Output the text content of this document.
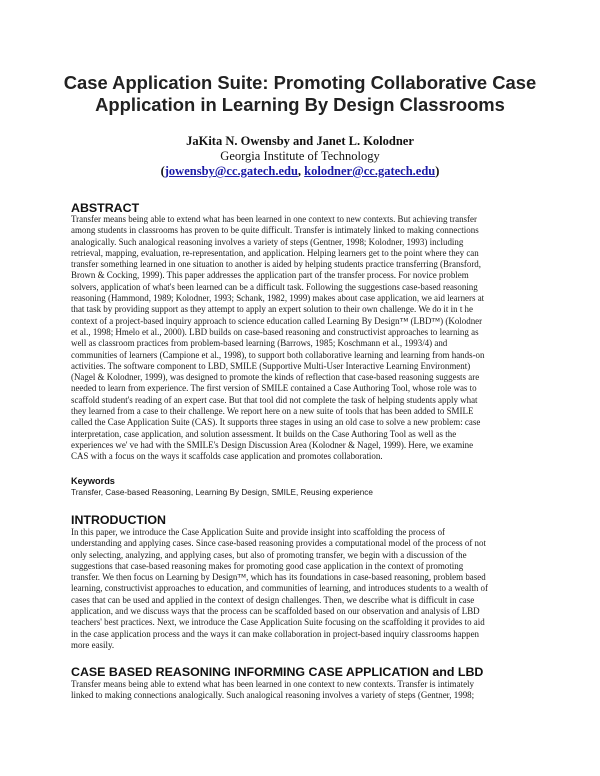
Case Application Suite: Promoting Collaborative Case
Application in Learning By Design Classrooms
JaKita N. Owensby and Janet L. Kolodner
Georgia Institute of Technology
(jowensby@cc.gatech.edu, kolodner@cc.gatech.edu)
ABSTRACT
Transfer means being able to extend what has been learned in one context to new contexts. But achieving transfer
among students in classrooms has proven to be quite difficult. Transfer is intimately linked to making connections
analogically. Such analogical reasoning involves a variety of steps (Gentner, 1998; Kolodner, 1993) including
retrieval, mapping, evaluation, re-representation, and application. Helping learners get to the point where they can
transfer something learned in one situation to another is aided by helping students practice transferring (Bransford,
Brown & Cocking, 1999). This paper addresses the application part of the transfer process. For novice problem
solvers, application of what's been learned can be a difficult task. Following the suggestions case-based reasoning
reasoning (Hammond, 1989; Kolodner, 1993; Schank, 1982, 1999) makes about case application, we aid learners at
that task by providing support as they attempt to apply an expert solution to their own challenge. We do it in t he
context of a project-based inquiry approach to science education called Learning By Design™ (LBD™) (Kolodner
et al., 1998; Hmelo et al., 2000). LBD builds on case-based reasoning and constructivist approaches to learning as
well as classroom practices from problem-based learning (Barrows, 1985; Koschmann et al., 1993/4) and
communities of learners (Campione et al., 1998), to support both collaborative learning and learning from hands-on
activities. The software component to LBD, SMILE (Supportive Multi-User Interactive Learning Environment)
(Nagel & Kolodner, 1999), was designed to promote the kinds of reflection that case-based reasoning suggests are
needed to learn from experience. The first version of SMILE contained a Case Authoring Tool, whose role was to
scaffold student's reading of an expert case. But that tool did not complete the task of helping students apply what
they learned from a case to their challenge. We report here on a new suite of tools that has been added to SMILE
called the Case Application Suite (CAS). It supports three stages in using an old case to solve a new problem: case
interpretation, case application, and solution assessment. It builds on the Case Authoring Tool as well as the
experiences we' ve had with the SMILE's Design Discussion Area (Kolodner & Nagel, 1999). Here, we examine
CAS with a focus on the ways it scaffolds case application and promotes collaboration.
Keywords
Transfer, Case-based Reasoning, Learning By Design, SMILE, Reusing experience
INTRODUCTION
In this paper, we introduce the Case Application Suite and provide insight into scaffolding the process of
understanding and applying cases. Since case-based reasoning provides a computational model of the process of not
only selecting, analyzing, and applying cases, but also of promoting transfer, we begin with a discussion of the
suggestions that case-based reasoning makes for promoting good case application in the context of promoting
transfer. We then focus on Learning by Design™, which has its foundations in case-based reasoning, problem based
learning, constructivist approaches to education, and communities of learning, and introduces students to a wealth of
cases that can be used and applied in the context of design challenges. Then, we describe what is difficult in case
application, and we discuss ways that the process can be scaffolded based on our observation and analysis of LBD
teachers' best practices. Next, we introduce the Case Application Suite focusing on the scaffolding it provides to aid
in the case application process and the ways it can make collaboration in project-based inquiry classrooms happen
more easily.
CASE BASED REASONING INFORMING CASE APPLICATION and LBD
Transfer means being able to extend what has been learned in one context to new contexts. Transfer is intimately
linked to making connections analogically. Such analogical reasoning involves a variety of steps (Gentner, 1998;
